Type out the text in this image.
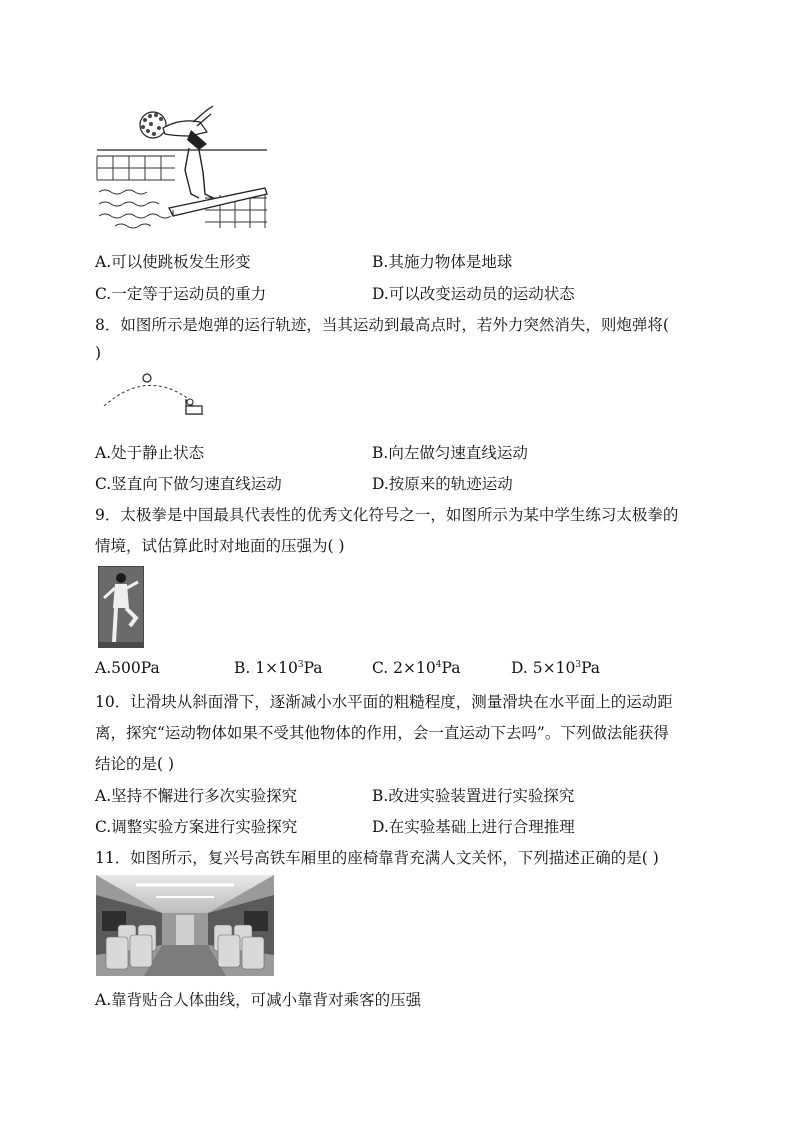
A.可以使跳板发生形变	B.其施力物体是地球
C.一定等于运动员的重力	D.可以改变运动员的运动状态
8．如图所示是炮弹的运行轨迹，当其运动到最高点时，若外力突然消失，则炮弹将(
)
A.处于静止状态	B.向左做匀速直线运动
C.竖直向下做匀速直线运动	D.按原来的轨迹运动
9．太极拳是中国最具代表性的优秀文化符号之一，如图所示为某中学生练习太极拳的
情境，试估算此时对地面的压强为( )
A.500Pa	B. $1\times 10^3Pa$	C. $2\times 10^4Pa$	D. $5\times 10^3Pa$
10．让滑块从斜面滑下，逐渐减小水平面的粗糙程度，测量滑块在水平面上的运动距
离，探究“运动物体如果不受其他物体的作用，会一直运动下去吗”。下列做法能获得
结论的是( )
A.坚持不懈进行多次实验探究	B.改进实验装置进行实验探究
C.调整实验方案进行实验探究	D.在实验基础上进行合理推理
11．如图所示，复兴号高铁车厢里的座椅靠背充满人文关怀，下列描述正确的是( )
A.靠背贴合人体曲线，可减小靠背对乘客的压强
